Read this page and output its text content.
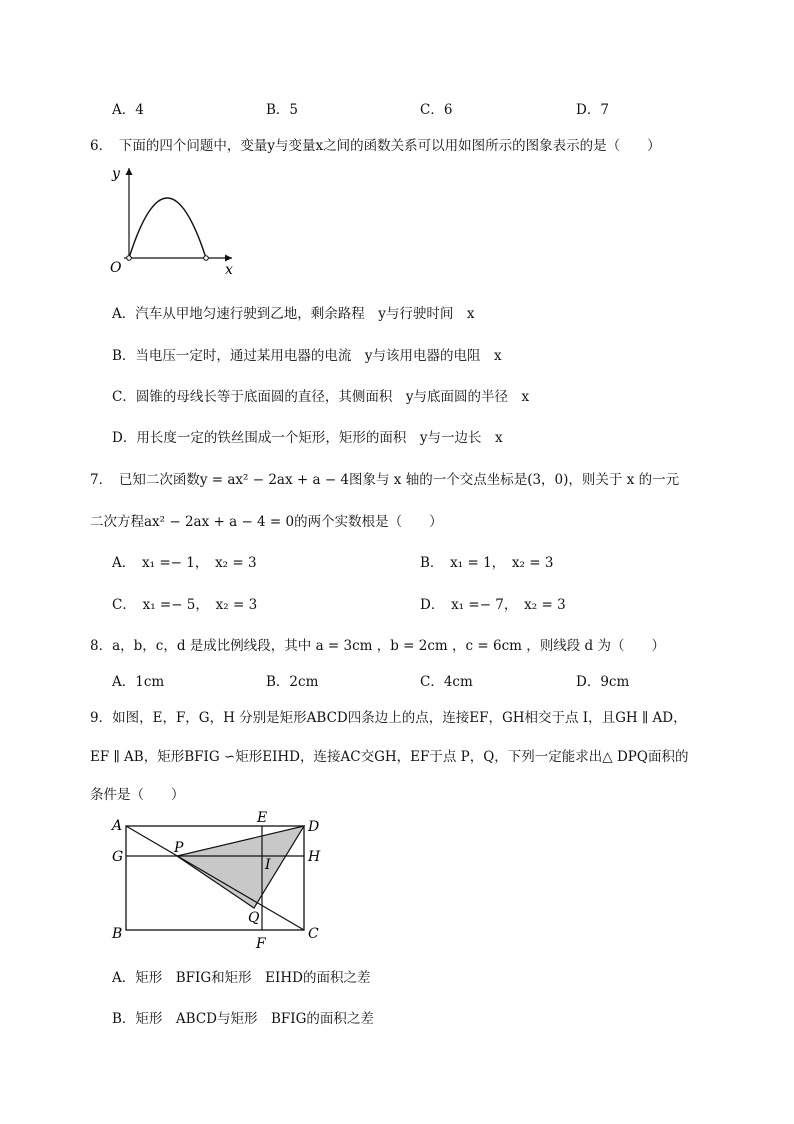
A．4	B．5	C．6	D．7
6．　下面的四个问题中，变量y与变量x之间的函数关系可以用如图所示的图象表示的是（　　）
y
x
O
A．汽车从甲地匀速行驶到乙地，剩余路程　y与行驶时间　x
B．当电压一定时，通过某用电器的电流　y与该用电器的电阻　x
C．圆锥的母线长等于底面圆的直径，其侧面积　y与底面圆的半径　x
D．用长度一定的铁丝围成一个矩形，矩形的面积　y与一边长　x
7．　已知二次函数y = ax² − 2ax + a − 4图象与 x 轴的一个交点坐标是(3，0)，则关于 x 的一元
二次方程ax² − 2ax + a − 4 = 0的两个实数根是（　　）
A．　x₁ =− 1，　x₂ = 3	B．　x₁ = 1，　x₂ = 3
C．　x₁ =− 5，　x₂ = 3	D．　x₁ =− 7，　x₂ = 3
8．a，b，c，d 是成比例线段，其中 a = 3cm ，b = 2cm ，c = 6cm ，则线段 d 为（　　）
A．1cm	B．2cm	C．4cm	D．9cm
9．如图，E，F，G，H 分别是矩形ABCD四条边上的点，连接EF，GH相交于点 I，且GH ∥ AD，
EF ∥ AB，矩形BFIG ∽矩形EIHD，连接AC交GH，EF于点 P，Q，下列一定能求出△ DPQ面积的
条件是（　　）
A	D
E
G	H
P
I
Q
B	C
F
A．矩形　BFIG和矩形　EIHD的面积之差
B．矩形　ABCD与矩形　BFIG的面积之差
